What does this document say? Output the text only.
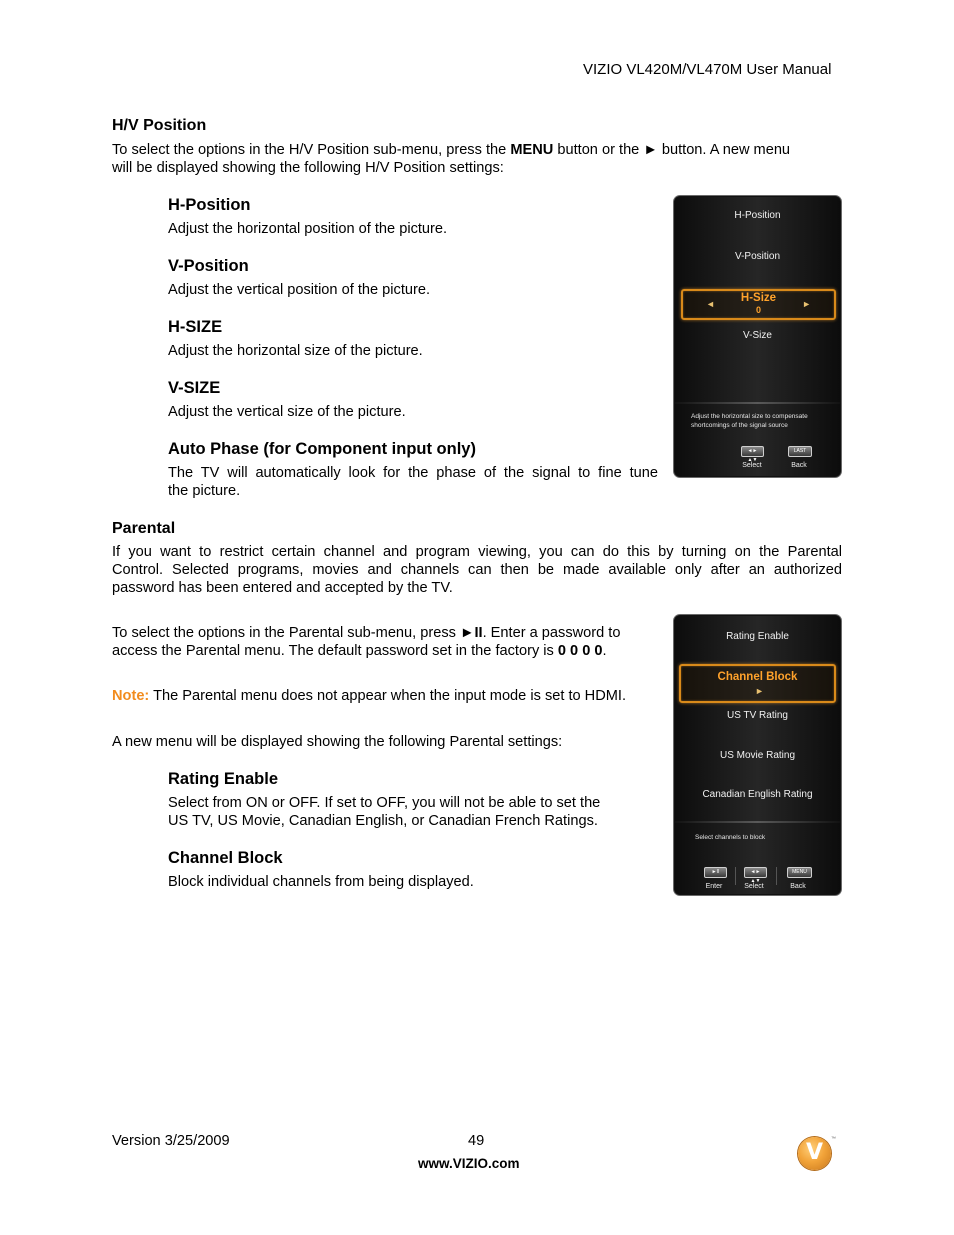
VIZIO VL420M/VL470M User Manual
H/V Position
To select the options in the H/V Position sub-menu, press the MENU button or the ► button. A new menu
will be displayed showing the following H/V Position settings:
H-Position
Adjust the horizontal position of the picture.
V-Position
Adjust the vertical position of the picture.
H-SIZE
Adjust the horizontal size of the picture.
V-SIZE
Adjust the vertical size of the picture.
Auto Phase (for Component input only)
The TV will automatically look for the phase of the signal to fine tune
the picture.
H-Position
V-Position
H-Size
0
◄	►
V-Size
Adjust the horizontal size to compensate
shortcomings of the signal source
◄► ▲▼
Select
LAST
Back
Parental
If you want to restrict certain channel and program viewing, you can do this by turning on the Parental
Control. Selected programs, movies and channels can then be made available only after an authorized
password has been entered and accepted by the TV.
To select the options in the Parental sub-menu, press ►II. Enter a password to
access the Parental menu. The default password set in the factory is 0 0 0 0.
Note: The Parental menu does not appear when the input mode is set to HDMI.
A new menu will be displayed showing the following Parental settings:
Rating Enable
Select from ON or OFF. If set to OFF, you will not be able to set the
US TV, US Movie, Canadian English, or Canadian French Ratings.
Channel Block
Block individual channels from being displayed.
Rating Enable
Channel Block
►
US TV Rating
US Movie Rating
Canadian English Rating
Select channels to block
►II
Enter
◄► ▲▼
Select
MENU
Back
Version 3/25/2009	49
www.VIZIO.com	V
™
